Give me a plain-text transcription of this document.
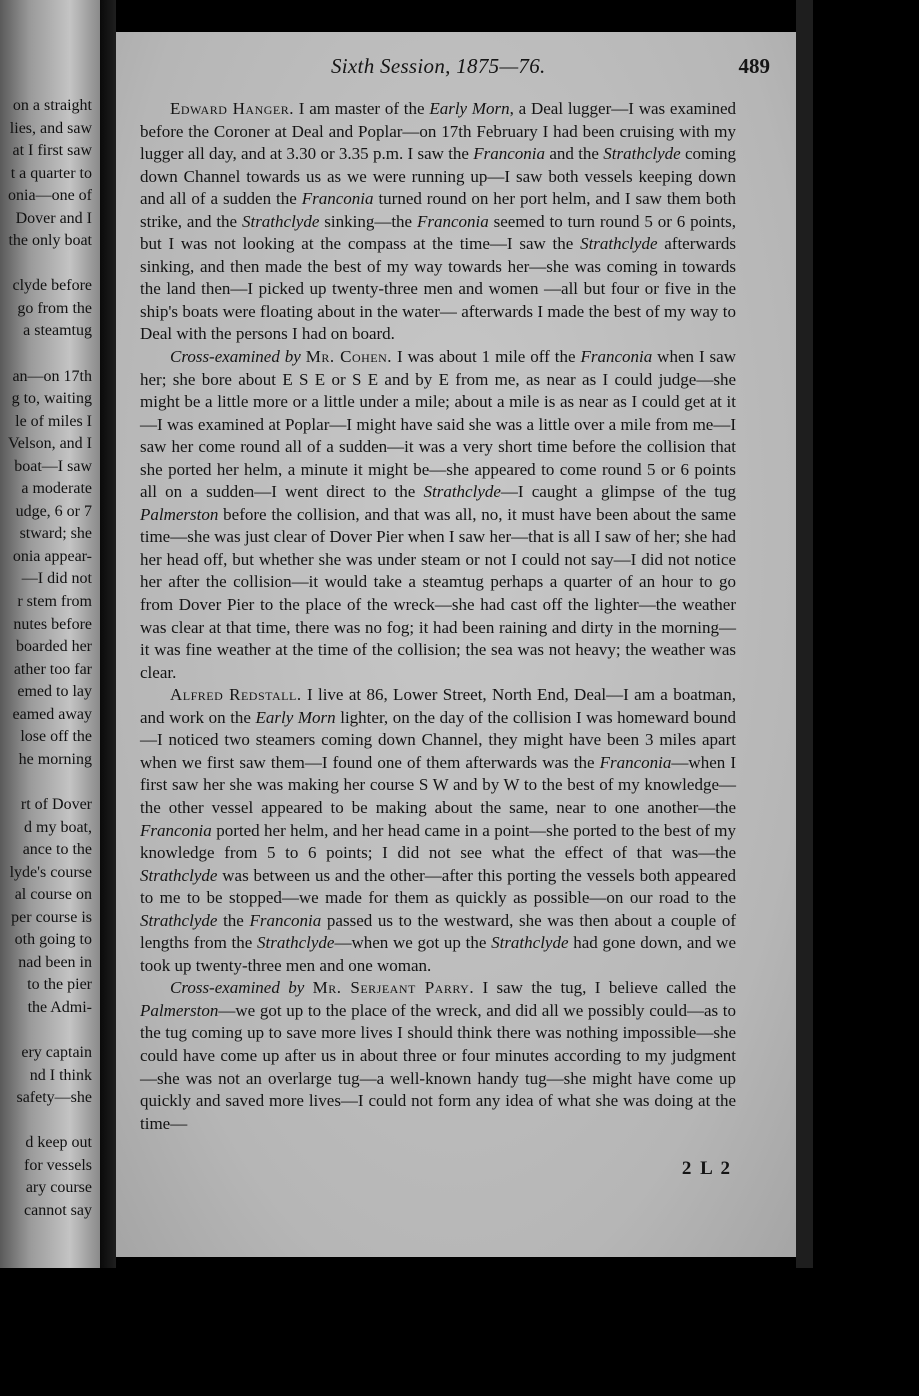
on a straight
lies, and saw
at I first saw
t a quarter to
onia—one of
Dover and I
the only boat

clyde before
go from the
a steamtug

an—on 17th
g to, waiting
le of miles I
Velson, and I
boat—I saw
a moderate
udge, 6 or 7
stward; she
onia appear-
—I did not
r stem from
nutes before
boarded her
ather too far
emed to lay
eamed away
lose off the
he morning

rt of Dover
d my boat,
ance to the
lyde's course
al course on
per course is
oth going to
nad been in
to the pier
the Admi-

ery captain
nd I think
safety—she

d keep out
for vessels
ary course
cannot say
Sixth Session, 1875—76.	489

Edward Hanger. I am master of the Early Morn, a Deal lugger—I was examined before the Coroner at Deal and Poplar—on 17th February I had been cruising with my lugger all day, and at 3.30 or 3.35 p.m. I saw the Franconia and the Strathclyde coming down Channel towards us as we were running up—I saw both vessels keeping down and all of a sudden the Franconia turned round on her port helm, and I saw them both strike, and the Strathclyde sinking—the Franconia seemed to turn round 5 or 6 points, but I was not looking at the compass at the time—I saw the Strathclyde afterwards sinking, and then made the best of my way towards her—she was coming in towards the land then—I picked up twenty-three men and women —all but four or five in the ship's boats were floating about in the water— afterwards I made the best of my way to Deal with the persons I had on board.

Cross-examined by Mr. Cohen. I was about 1 mile off the Franconia when I saw her; she bore about E S E or S E and by E from me, as near as I could judge—she might be a little more or a little under a mile; about a mile is as near as I could get at it—I was examined at Poplar—I might have said she was a little over a mile from me—I saw her come round all of a sudden—it was a very short time before the collision that she ported her helm, a minute it might be—she appeared to come round 5 or 6 points all on a sudden—I went direct to the Strathclyde—I caught a glimpse of the tug Palmerston before the collision, and that was all, no, it must have been about the same time—she was just clear of Dover Pier when I saw her—that is all I saw of her; she had her head off, but whether she was under steam or not I could not say—I did not notice her after the collision—it would take a steamtug perhaps a quarter of an hour to go from Dover Pier to the place of the wreck—she had cast off the lighter—the weather was clear at that time, there was no fog; it had been raining and dirty in the morning—it was fine weather at the time of the collision; the sea was not heavy; the weather was clear.

Alfred Redstall. I live at 86, Lower Street, North End, Deal—I am a boatman, and work on the Early Morn lighter, on the day of the collision I was homeward bound—I noticed two steamers coming down Channel, they might have been 3 miles apart when we first saw them—I found one of them afterwards was the Franconia—when I first saw her she was making her course S W and by W to the best of my knowledge—the other vessel appeared to be making about the same, near to one another—the Franconia ported her helm, and her head came in a point—she ported to the best of my knowledge from 5 to 6 points; I did not see what the effect of that was—the Strathclyde was between us and the other—after this porting the vessels both appeared to me to be stopped—we made for them as quickly as possible—on our road to the Strathclyde the Franconia passed us to the westward, she was then about a couple of lengths from the Strathclyde—when we got up the Strathclyde had gone down, and we took up twenty-three men and one woman.

Cross-examined by Mr. Serjeant Parry. I saw the tug, I believe called the Palmerston—we got up to the place of the wreck, and did all we possibly could—as to the tug coming up to save more lives I should think there was nothing impossible—she could have come up after us in about three or four minutes according to my judgment—she was not an overlarge tug—a well-known handy tug—she might have come up quickly and saved more lives—I could not form any idea of what she was doing at the time—

2 L 2
